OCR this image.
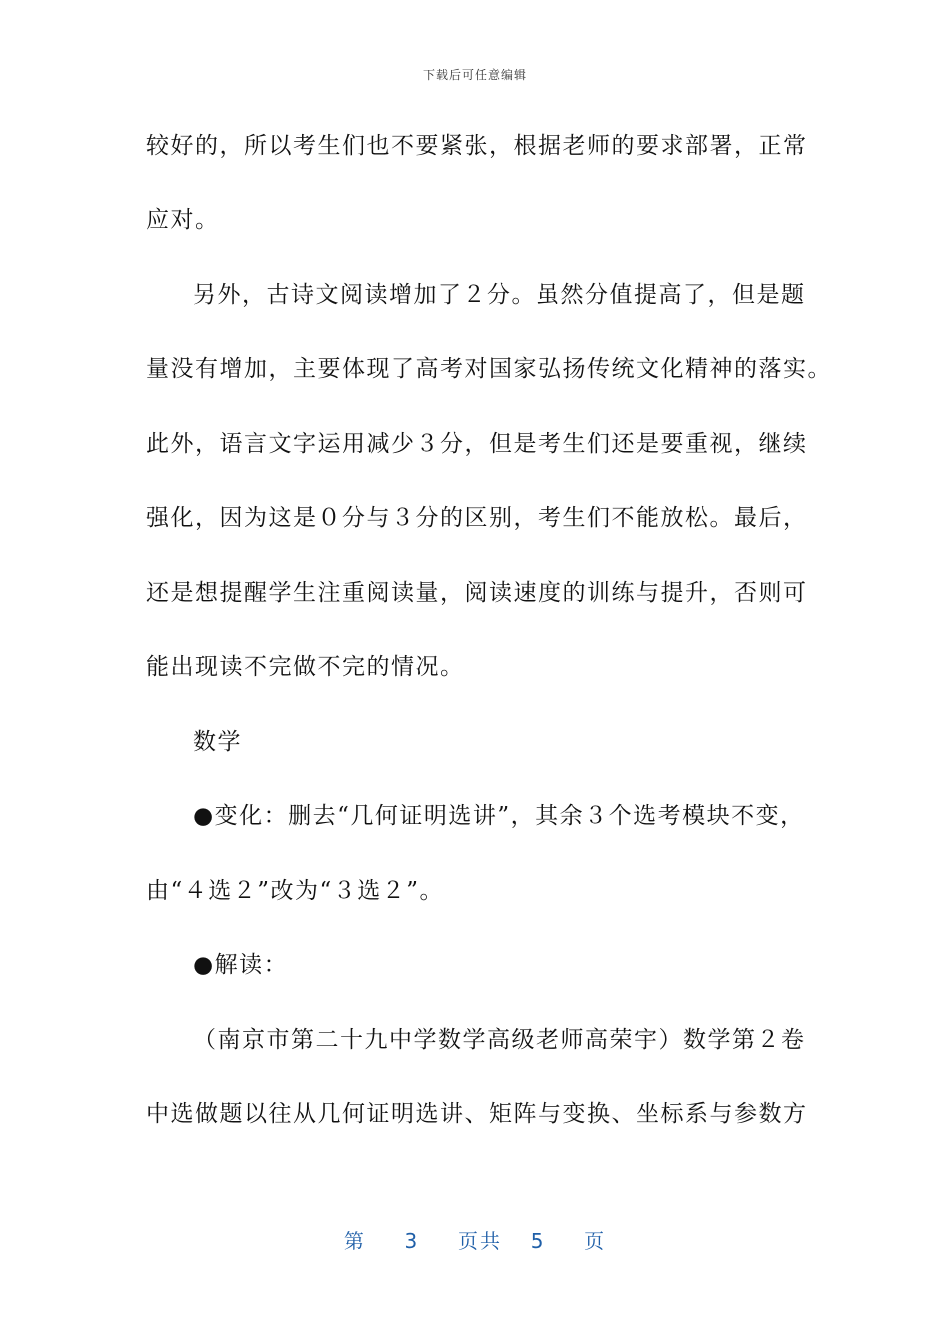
下载后可任意编辑
较好的，所以考生们也不要紧张，根据老师的要求部署，正常
应对。
另外，古诗文阅读增加了２分。虽然分值提高了，但是题
量没有增加，主要体现了高考对国家弘扬传统文化精神的落实。
此外，语言文字运用减少３分，但是考生们还是要重视，继续
强化，因为这是０分与３分的区别，考生们不能放松。最后，
还是想提醒学生注重阅读量，阅读速度的训练与提升，否则可
能出现读不完做不完的情况。
数学
●变化：删去“几何证明选讲”，其余３个选考模块不变，
由“４选２”改为“３选２”。
●解读：
（南京市第二十九中学数学高级老师高荣宇）数学第２卷
中选做题以往从几何证明选讲、矩阵与变换、坐标系与参数方
第 3 页共 5 页
